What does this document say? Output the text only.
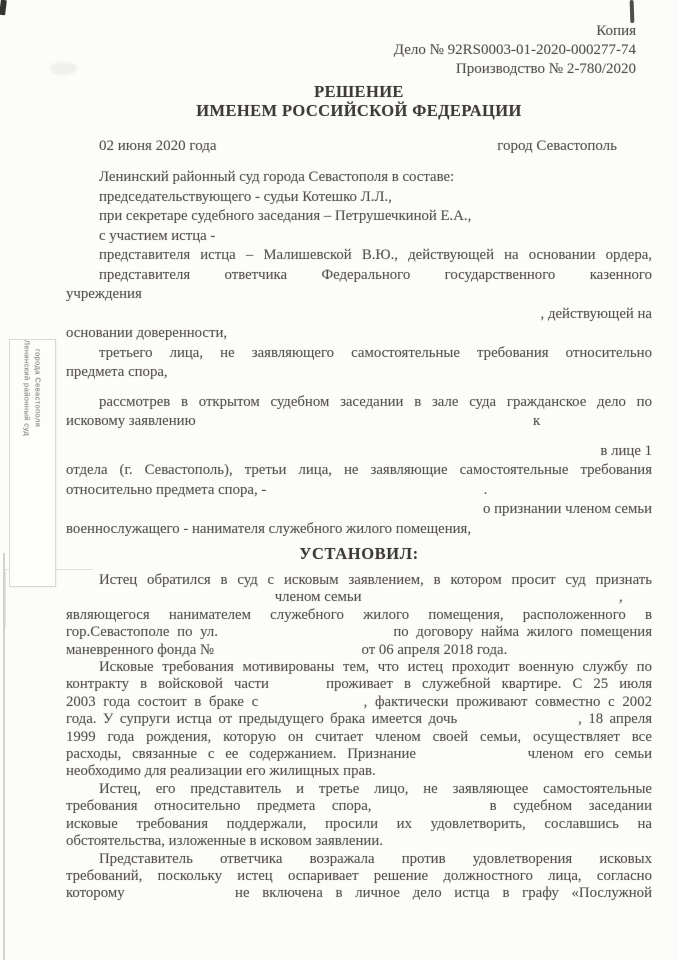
Ленинский районный суд города Севастополя
Копия
Дело № 92RS0003-01-2020-000277-74
Производство № 2-780/2020
РЕШЕНИЕ
ИМЕНЕМ РОССИЙСКОЙ ФЕДЕРАЦИИ
02 июня 2020 года	город Севастополь
Ленинский районный суд города Севастополя в составе:
председательствующего - судьи Котешко Л.Л.,
при секретаре судебного заседания – Петрушечкиной Е.А.,
с участием истца -
представителя истца – Малишевской В.Ю., действующей на основании ордера,
представителя ответчика Федерального государственного казенного
учреждения
, действующей на
основании доверенности,
третьего лица, не заявляющего самостоятельные требования относительно
предмета спора,
рассмотрев в открытом судебном заседании в зале суда гражданское дело по
исковому заявлению	к
в лице 1
отдела (г. Севастополь), третьи лица, не заявляющие самостоятельные требования
относительно предмета спора, -	.
о признании членом семьи
военнослужащего - нанимателя служебного жилого помещения,
УСТАНОВИЛ:
Истец обратился в суд с исковым заявлением, в котором просит суд признать
членом семьи	,
являющегося нанимателем служебного жилого помещения, расположенного в
гор.Севастополе по ул.	по договору найма жилого помещения
маневренного фонда №	от 06 апреля 2018 года.
Исковые требования мотивированы тем, что истец проходит военную службу по
контракту в войсковой части	проживает в служебной квартире. С 25 июля
2003 года состоит в браке с	, фактически проживают совместно с 2002
года. У супруги истца от предыдущего брака имеется дочь	, 18 апреля
1999 года рождения, которую он считает членом своей семьи, осуществляет все
расходы, связанные с ее содержанием. Признание	членом его семьи
необходимо для реализации его жилищных прав.
Истец, его представитель и третье лицо, не заявляющее самостоятельные
требования относительно предмета спора,	в судебном заседании
исковые требования поддержали, просили их удовлетворить, сославшись на
обстоятельства, изложенные в исковом заявлении.
Представитель ответчика возражала против удовлетворения исковых
требований, поскольку истец оспаривает решение должностного лица, согласно
которому	не включена в личное дело истца в графу «Послужной
